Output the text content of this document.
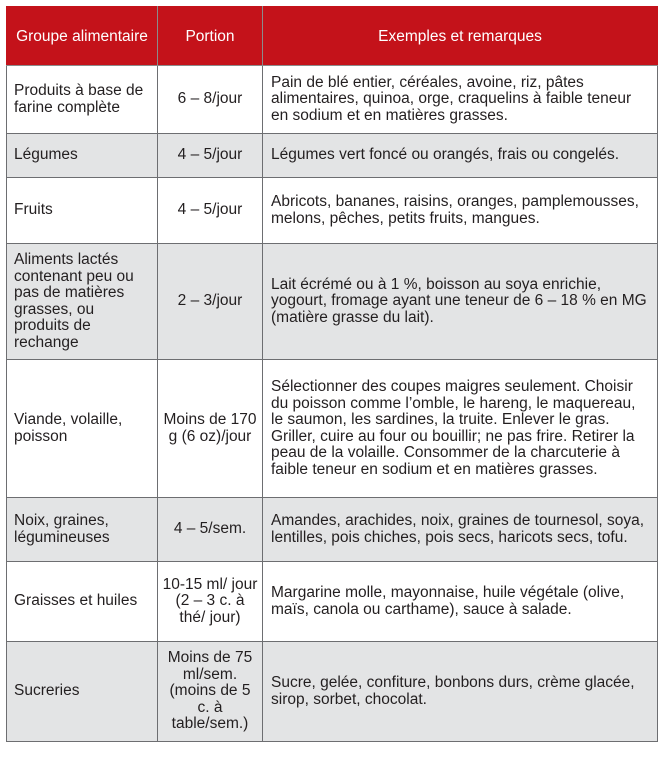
Groupe alimentaire	Portion	Exemples et remarques
Produits à base de farine complète	6 – 8/jour	Pain de blé entier, céréales, avoine, riz, pâtes alimentaires, quinoa, orge, craquelins à faible teneur en sodium et en matières grasses.
Légumes	4 – 5/jour	Légumes vert foncé ou orangés, frais ou congelés.
Fruits	4 – 5/jour	Abricots, bananes, raisins, oranges, pamplemousses, melons, pêches, petits fruits, mangues.
Aliments lactés contenant peu ou pas de matières grasses, ou produits de rechange	2 – 3/jour	Lait écrémé ou à 1 %, boisson au soya enrichie, yogourt, fromage ayant une teneur de 6 – 18 % en MG (matière grasse du lait).
Viande, volaille, poisson	Moins de 170 g (6 oz)/jour	Sélectionner des coupes maigres seulement. Choisir du poisson comme l’omble, le hareng, le maquereau, le saumon, les sardines, la truite. Enlever le gras. Griller, cuire au four ou bouillir; ne pas frire. Retirer la peau de la volaille. Consommer de la charcuterie à faible teneur en sodium et en matières grasses.
Noix, graines, légumineuses	4 – 5/sem.	Amandes, arachides, noix, graines de tournesol, soya, lentilles, pois chiches, pois secs, haricots secs, tofu.
Graisses et huiles	10-15 ml/ jour (2 – 3 c. à thé/ jour)	Margarine molle, mayonnaise, huile végétale (olive, maïs, canola ou carthame), sauce à salade.
Sucreries	Moins de 75 ml/sem. (moins de 5 c. à table/sem.)	Sucre, gelée, confiture, bonbons durs, crème glacée, sirop, sorbet, chocolat.
